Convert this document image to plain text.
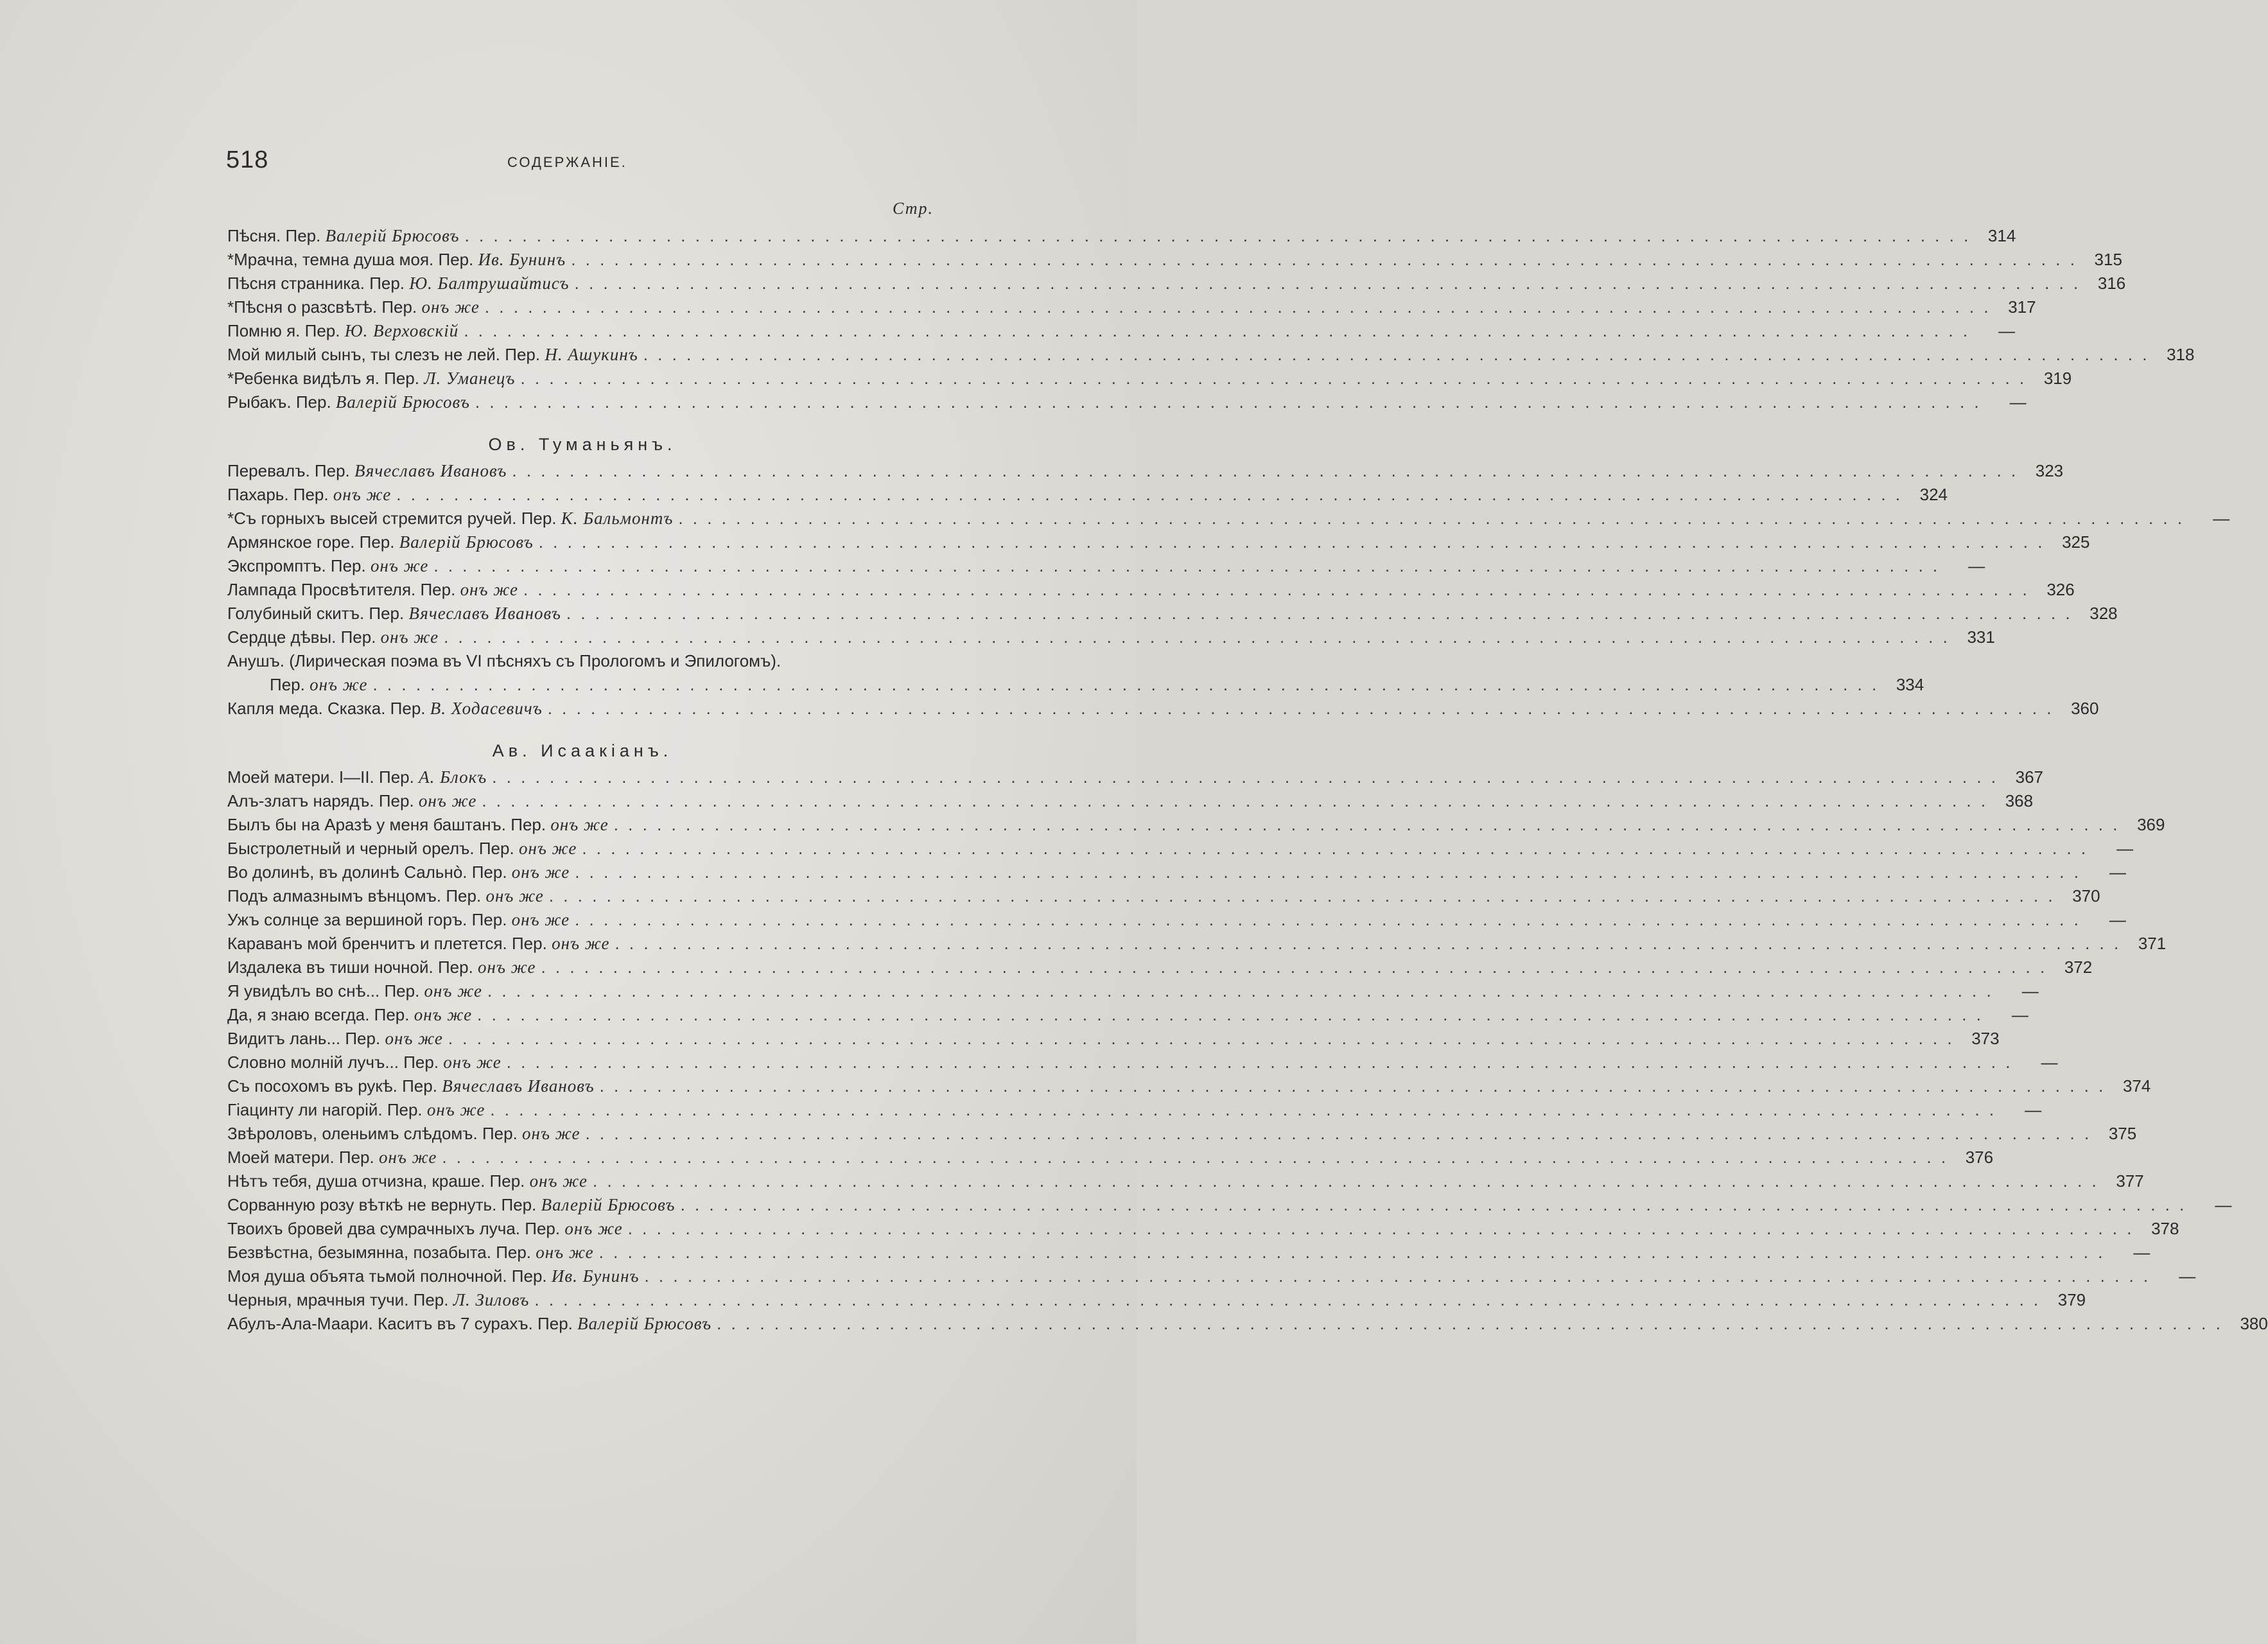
518	СОДЕРЖАНІЕ.
Стр.
Пѣсня. Пер. Валерій Брюсовъ . . .	314
*Мрачна, темна душа моя. Пер. Ив. Бунинъ . . .	315
Пѣсня странника. Пер. Ю. Балтрушайтисъ . . .	316
*Пѣсня о разсвѣтѣ. Пер. онъ же . . .	317
Помню я. Пер. Ю. Верховскій . . .	—
Мой милый сынъ, ты слезъ не лей. Пер. Н. Ашукинъ . . .	318
*Ребенка видѣлъ я. Пер. Л. Уманецъ . . .	319
Рыбакъ. Пер. Валерій Брюсовъ . . .	—
Ов. Туманьянъ.
Перевалъ. Пер. Вячеславъ Ивановъ . . .	323
Пахарь. Пер. онъ же . . .	324
*Съ горныхъ высей стремится ручей. Пер. К. Бальмонтъ . . .	—
Армянское горе. Пер. Валерій Брюсовъ . . .	325
Экспромптъ. Пер. онъ же . . .	—
Лампада Просвѣтителя. Пер. онъ же . . .	326
Голубиный скитъ. Пер. Вячеславъ Ивановъ . . .	328
Сердце дѣвы. Пер. онъ же . . .	331
Анушъ. (Лирическая поэма въ VI пѣсняхъ съ Прологомъ и Эпилогомъ).
Пер. онъ же . . .	334
Капля меда. Сказка. Пер. В. Ходасевичъ . . .	360
Ав. Исаакіанъ.
Моей матери. I—II. Пер. А. Блокъ . . .	367
Алъ-златъ нарядъ. Пер. онъ же . . .	368
Былъ бы на Аразѣ у меня баштанъ. Пер. онъ же . . .	369
Быстролетный и черный орелъ. Пер. онъ же . . .	—
Во долинѣ, въ долинѣ Сальнò. Пер. онъ же . . .	—
Подъ алмазнымъ вѣнцомъ. Пер. онъ же . . .	370
Ужъ солнце за вершиной горъ. Пер. онъ же . . .	—
Караванъ мой бренчитъ и плетется. Пер. онъ же . . .	371
Издалека въ тиши ночной. Пер. онъ же . . .	372
Я увидѣлъ во снѣ... Пер. онъ же . . .	—
Да, я знаю всегда. Пер. онъ же . . .	—
Видитъ лань... Пер. онъ же . . .	373
Словно молній лучъ... Пер. онъ же . . .	—
Съ посохомъ въ рукѣ. Пер. Вячеславъ Ивановъ . . .	374
Гіацинту ли нагорій. Пер. онъ же . . .	—
Звѣроловъ, оленьимъ слѣдомъ. Пер. онъ же . . .	375
Моей матери. Пер. онъ же . . .	376
Нѣтъ тебя, душа отчизна, краше. Пер. онъ же . . .	377
Сорванную розу вѣткѣ не вернуть. Пер. Валерій Брюсовъ . . .	—
Твоихъ бровей два сумрачныхъ луча. Пер. онъ же . . .	378
Безвѣстна, безымянна, позабыта. Пер. онъ же . . .	—
Моя душа объята тьмой полночной. Пер. Ив. Бунинъ . . .	—
Черныя, мрачныя тучи. Пер. Л. Зиловъ . . .	379
Абулъ-Ала-Маари. Каситъ въ 7 сурахъ. Пер. Валерій Брюсовъ . . .	380
